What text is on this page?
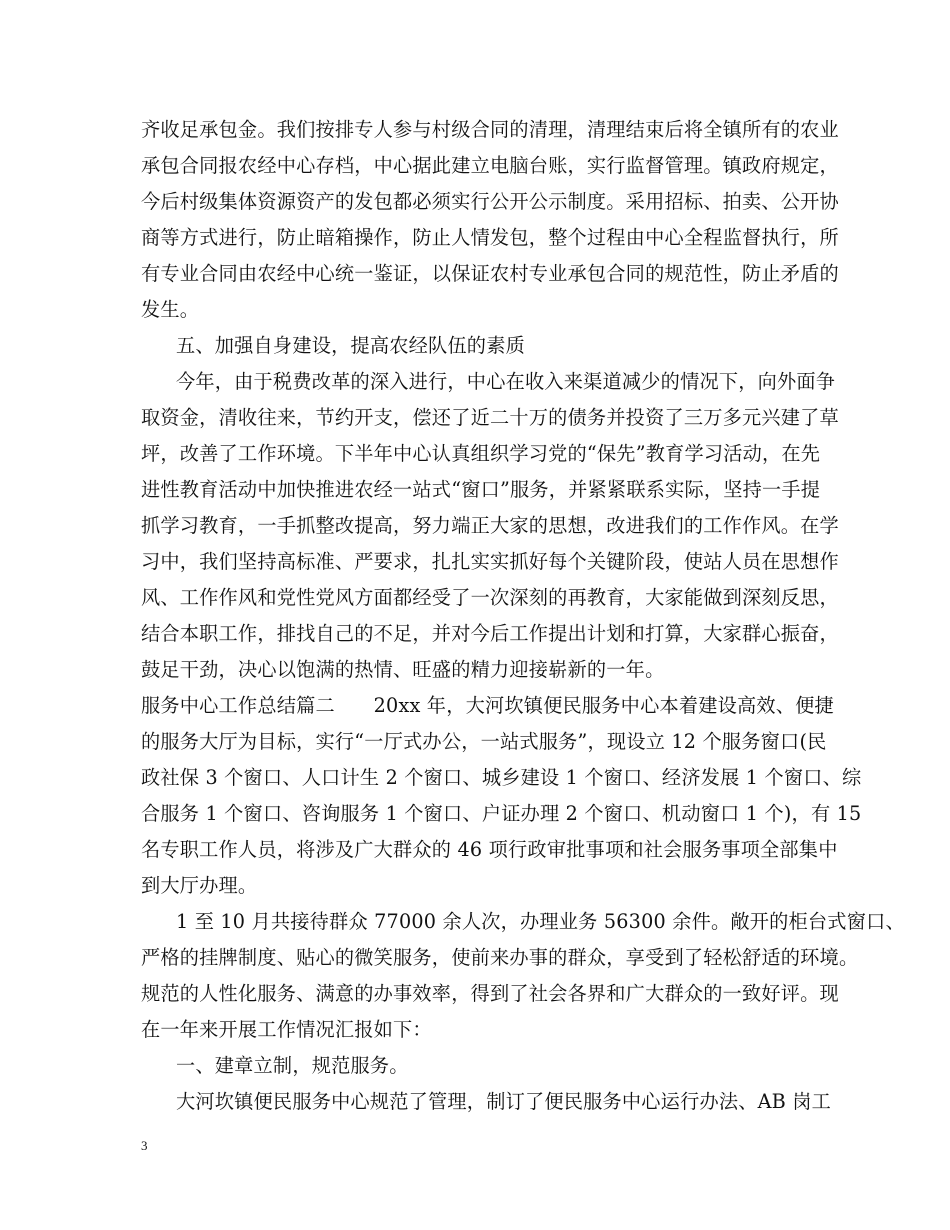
齐收足承包金。我们按排专人参与村级合同的清理，清理结束后将全镇所有的农业
承包合同报农经中心存档，中心据此建立电脑台账，实行监督管理。镇政府规定，
今后村级集体资源资产的发包都必须实行公开公示制度。采用招标、拍卖、公开协
商等方式进行，防止暗箱操作，防止人情发包，整个过程由中心全程监督执行，所
有专业合同由农经中心统一鉴证，以保证农村专业承包合同的规范性，防止矛盾的
发生。
五、加强自身建设，提高农经队伍的素质
今年，由于税费改革的深入进行，中心在收入来渠道减少的情况下，向外面争
取资金，清收往来，节约开支，偿还了近二十万的债务并投资了三万多元兴建了草
坪，改善了工作环境。下半年中心认真组织学习党的“保先”教育学习活动，在先
进性教育活动中加快推进农经一站式“窗口”服务，并紧紧联系实际，坚持一手提
抓学习教育，一手抓整改提高，努力端正大家的思想，改进我们的工作作风。在学
习中，我们坚持高标准、严要求，扎扎实实抓好每个关键阶段，使站人员在思想作
风、工作作风和党性党风方面都经受了一次深刻的再教育，大家能做到深刻反思，
结合本职工作，排找自己的不足，并对今后工作提出计划和打算，大家群心振奋，
鼓足干劲，决心以饱满的热情、旺盛的精力迎接崭新的一年。
服务中心工作总结篇二　　20xx 年，大河坎镇便民服务中心本着建设高效、便捷
的服务大厅为目标，实行“一厅式办公，一站式服务”，现设立 12 个服务窗口(民
政社保 3 个窗口、人口计生 2 个窗口、城乡建设 1 个窗口、经济发展 1 个窗口、综
合服务 1 个窗口、咨询服务 1 个窗口、户证办理 2 个窗口、机动窗口 1 个)，有 15
名专职工作人员，将涉及广大群众的 46 项行政审批事项和社会服务事项全部集中
到大厅办理。
1 至 10 月共接待群众 77000 余人次，办理业务 56300 余件。敞开的柜台式窗口、
严格的挂牌制度、贴心的微笑服务，使前来办事的群众，享受到了轻松舒适的环境。
规范的人性化服务、满意的办事效率，得到了社会各界和广大群众的一致好评。现
在一年来开展工作情况汇报如下：
一、建章立制，规范服务。
大河坎镇便民服务中心规范了管理，制订了便民服务中心运行办法、AB 岗工
3
